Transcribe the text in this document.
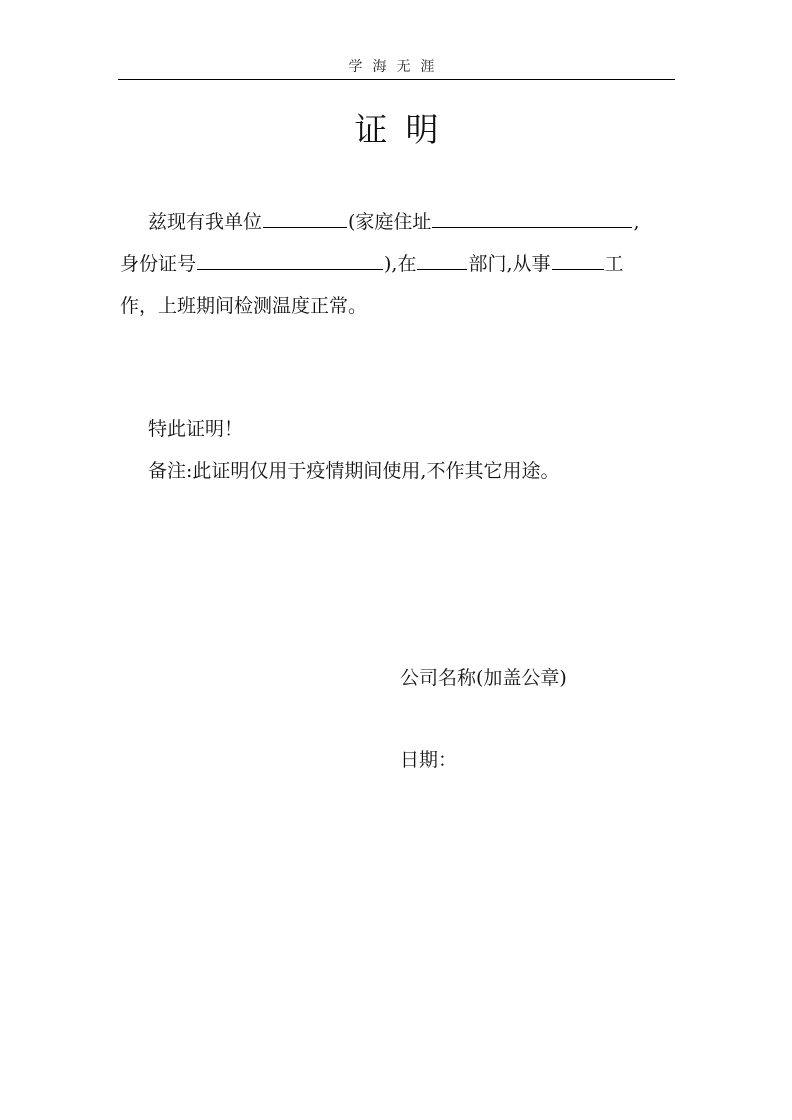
学海无涯
证明
兹现有我单位	(家庭住址	,
身份证号	),在	部门,从事	工
作，上班期间检测温度正常。
特此证明！
备注:此证明仅用于疫情期间使用,不作其它用途。
公司名称(加盖公章)
日期：
